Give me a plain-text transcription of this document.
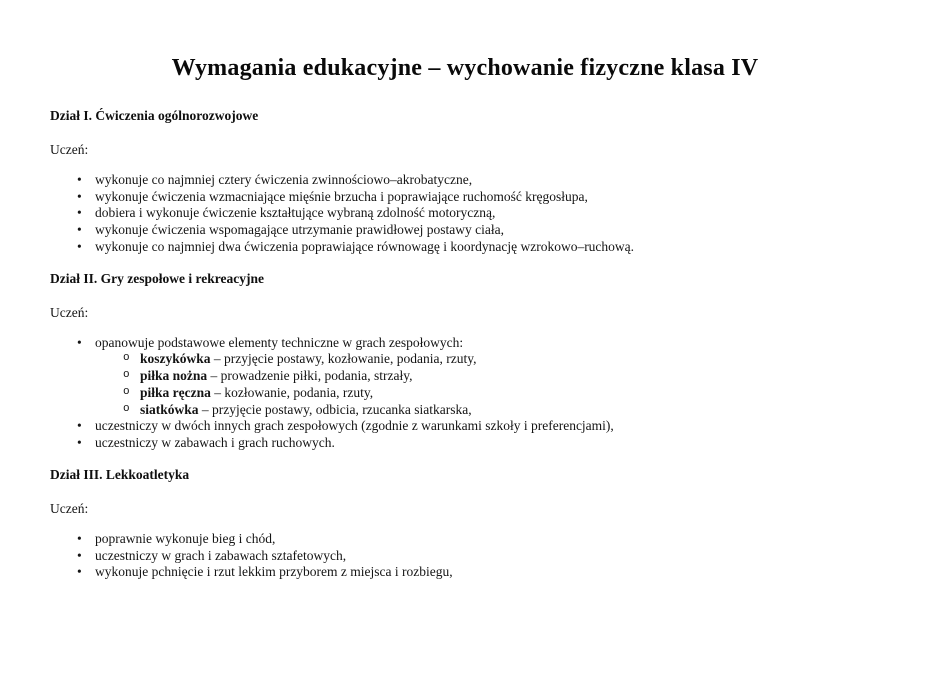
Wymagania edukacyjne – wychowanie fizyczne klasa IV
Dział I. Ćwiczenia ogólnorozwojowe

Uczeń:

• wykonuje co najmniej cztery ćwiczenia zwinnościowo–akrobatyczne,
• wykonuje ćwiczenia wzmacniające mięśnie brzucha i poprawiające ruchomość kręgosłupa,
• dobiera i wykonuje ćwiczenie kształtujące wybraną zdolność motoryczną,
• wykonuje ćwiczenia wspomagające utrzymanie prawidłowej postawy ciała,
• wykonuje co najmniej dwa ćwiczenia poprawiające równowagę i koordynację wzrokowo–ruchową.
Dział II. Gry zespołowe i rekreacyjne

Uczeń:

• opanowuje podstawowe elementy techniczne w grach zespołowych:
o koszykówka – przyjęcie postawy, kozłowanie, podania, rzuty,
o piłka nożna – prowadzenie piłki, podania, strzały,
o piłka ręczna – kozłowanie, podania, rzuty,
o siatkówka – przyjęcie postawy, odbicia, rzucanka siatkarska,
• uczestniczy w dwóch innych grach zespołowych (zgodnie z warunkami szkoły i preferencjami),
• uczestniczy w zabawach i grach ruchowych.
Dział III. Lekkoatletyka

Uczeń:

• poprawnie wykonuje bieg i chód,
• uczestniczy w grach i zabawach sztafetowych,
• wykonuje pchnięcie i rzut lekkim przyborem z miejsca i rozbiegu,
